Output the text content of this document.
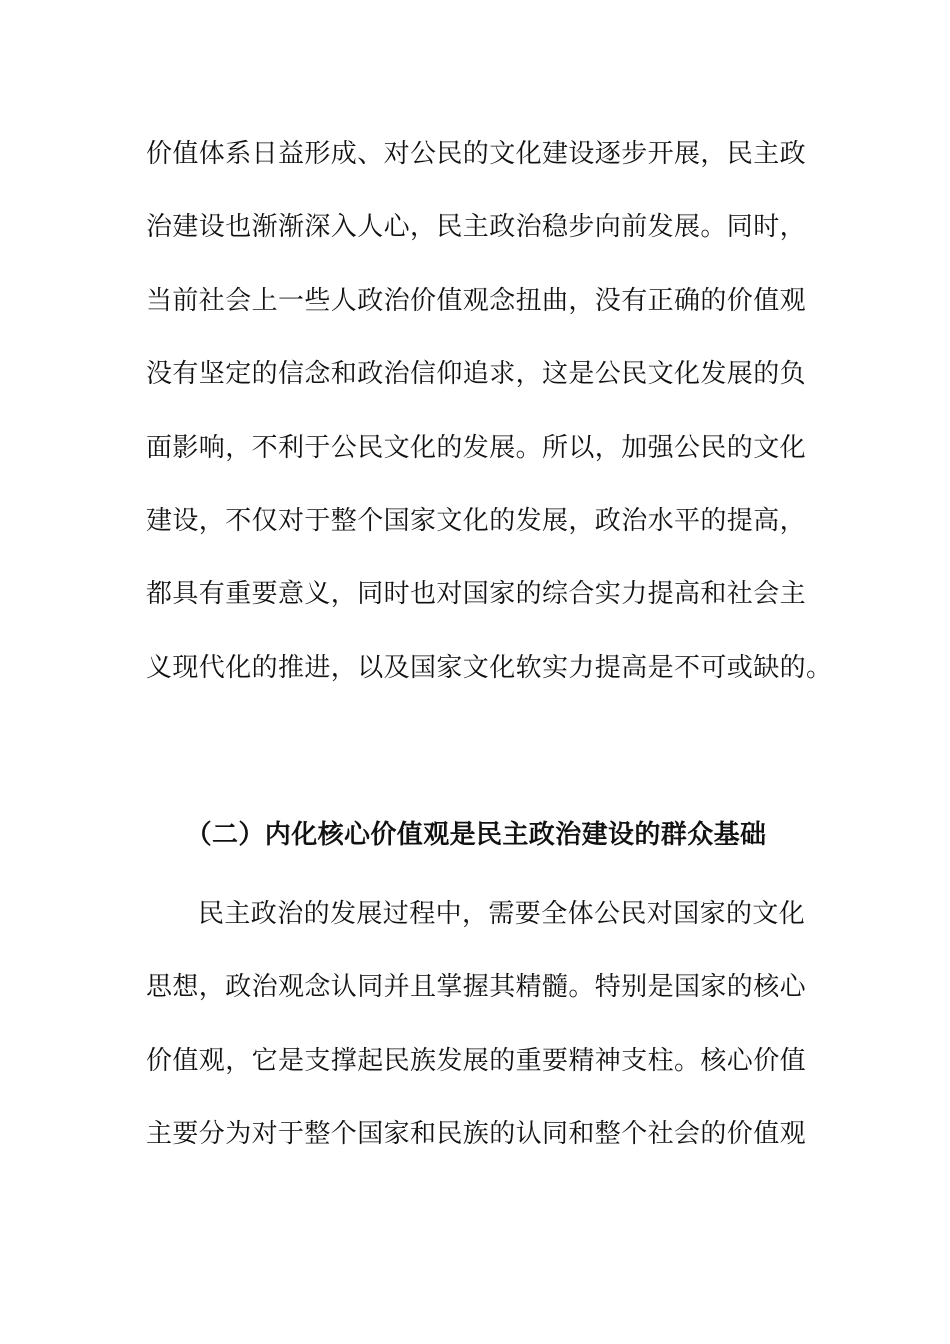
价值体系日益形成、对公民的文化建设逐步开展，民主政
治建设也渐渐深入人心，民主政治稳步向前发展。同时，
当前社会上一些人政治价值观念扭曲，没有正确的价值观
没有坚定的信念和政治信仰追求，这是公民文化发展的负
面影响，不利于公民文化的发展。所以，加强公民的文化
建设，不仅对于整个国家文化的发展，政治水平的提高，
都具有重要意义，同时也对国家的综合实力提高和社会主
义现代化的推进，以及国家文化软实力提高是不可或缺的。
（二）内化核心价值观是民主政治建设的群众基础
民主政治的发展过程中，需要全体公民对国家的文化
思想，政治观念认同并且掌握其精髓。特别是国家的核心
价值观，它是支撑起民族发展的重要精神支柱。核心价值
主要分为对于整个国家和民族的认同和整个社会的价值观
